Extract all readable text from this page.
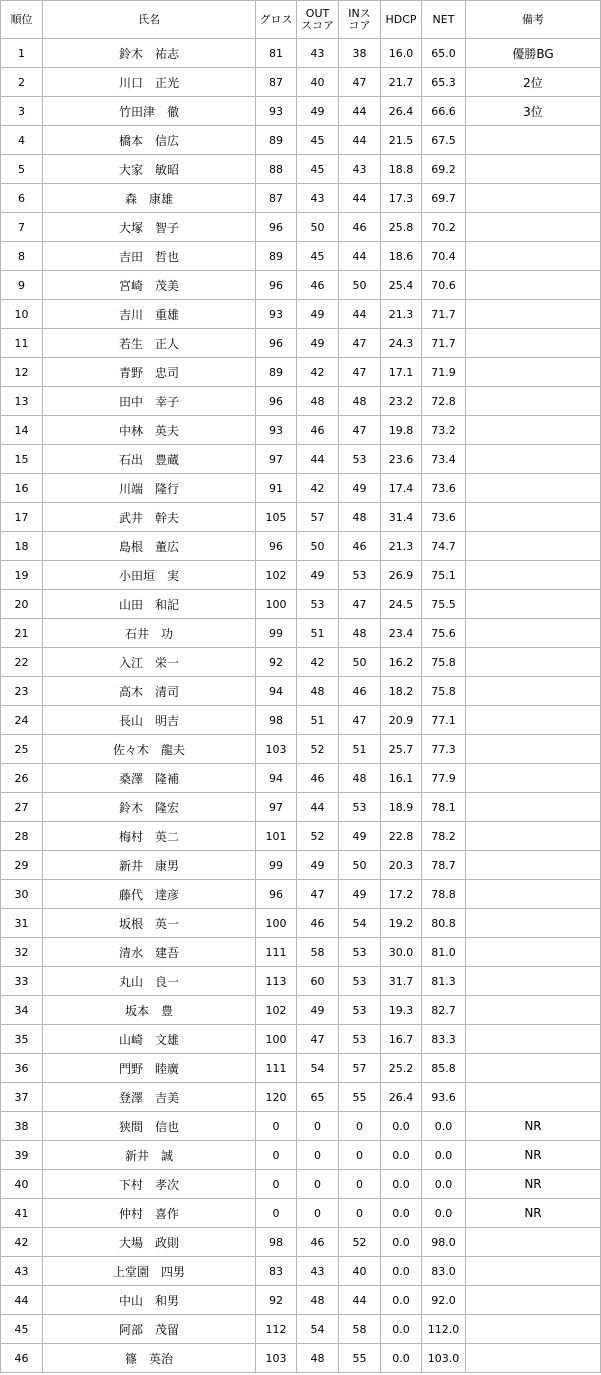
順位	氏名	グロス	OUTスコア	INスコア	HDCP	NET	備考
1	鈴木　祐志	81	43	38	16.0	65.0	優勝BG
2	川口　正光	87	40	47	21.7	65.3	2位
3	竹田津　徹	93	49	44	26.4	66.6	3位
4	橋本　信広	89	45	44	21.5	67.5	
5	大家　敏昭	88	45	43	18.8	69.2	
6	森　康雄	87	43	44	17.3	69.7	
7	大塚　智子	96	50	46	25.8	70.2	
8	吉田　哲也	89	45	44	18.6	70.4	
9	宮崎　茂美	96	46	50	25.4	70.6	
10	吉川　重雄	93	49	44	21.3	71.7	
11	若生　正人	96	49	47	24.3	71.7	
12	青野　忠司	89	42	47	17.1	71.9	
13	田中　幸子	96	48	48	23.2	72.8	
14	中林　英夫	93	46	47	19.8	73.2	
15	石出　豊蔵	97	44	53	23.6	73.4	
16	川端　隆行	91	42	49	17.4	73.6	
17	武井　幹夫	105	57	48	31.4	73.6	
18	島根　董広	96	50	46	21.3	74.7	
19	小田垣　実	102	49	53	26.9	75.1	
20	山田　和記	100	53	47	24.5	75.5	
21	石井　功	99	51	48	23.4	75.6	
22	入江　栄一	92	42	50	16.2	75.8	
23	高木　清司	94	48	46	18.2	75.8	
24	長山　明吉	98	51	47	20.9	77.1	
25	佐々木　龍夫	103	52	51	25.7	77.3	
26	桑澤　隆補	94	46	48	16.1	77.9	
27	鈴木　隆宏	97	44	53	18.9	78.1	
28	梅村　英二	101	52	49	22.8	78.2	
29	新井　康男	99	49	50	20.3	78.7	
30	藤代　達彦	96	47	49	17.2	78.8	
31	坂根　英一	100	46	54	19.2	80.8	
32	清水　建吾	111	58	53	30.0	81.0	
33	丸山　良一	113	60	53	31.7	81.3	
34	坂本　豊	102	49	53	19.3	82.7	
35	山崎　文雄	100	47	53	16.7	83.3	
36	門野　睦廣	111	54	57	25.2	85.8	
37	登澤　吉美	120	65	55	26.4	93.6	
38	狭間　信也	0	0	0	0.0	0.0	NR
39	新井　誠	0	0	0	0.0	0.0	NR
40	下村　孝次	0	0	0	0.0	0.0	NR
41	仲村　喜作	0	0	0	0.0	0.0	NR
42	大場　政則	98	46	52	0.0	98.0	
43	上堂園　四男	83	43	40	0.0	83.0	
44	中山　和男	92	48	44	0.0	92.0	
45	阿部　茂留	112	54	58	0.0	112.0	
46	篠　英治	103	48	55	0.0	103.0	
